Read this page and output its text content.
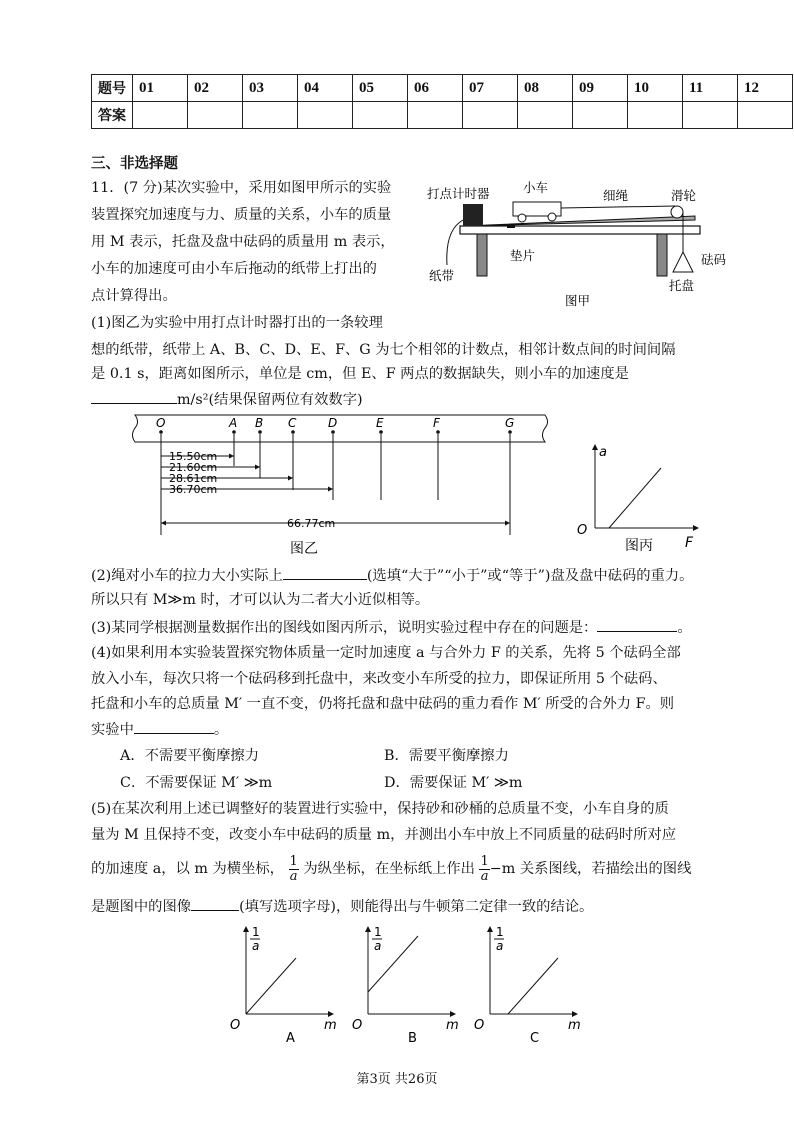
题号	01	02	03	04	05	06	07	08	09	10	11	12
答案												
三、非选择题
11．(7 分)某次实验中，采用如图甲所示的实验
装置探究加速度与力、质量的关系，小车的质量
用 M 表示，托盘及盘中砝码的质量用 m 表示，
小车的加速度可由小车后拖动的纸带上打出的
点计算得出。
打点计时器	小车
细绳	滑轮
垫片	砝码
纸带
托盘
图甲
(1)图乙为实验中用打点计时器打出的一条较理
想的纸带，纸带上 A、B、C、D、E、F、G 为七个相邻的计数点，相邻计数点间的时间间隔
是 0.1 s，距离如图所示，单位是 cm，但 E、F 两点的数据缺失，则小车的加速度是
m/s²(结果保留两位有效数字)
O	A B C	D	E	F	G
15.50cm
21.60cm
28.61cm
36.70cm
66.77cm
图乙
a
O
F
图丙
(2)绳对小车的拉力大小实际上	(选填“大于”“小于”或“等于”)盘及盘中砝码的重力。
所以只有 M≫m 时，才可以认为二者大小近似相等。
(3)某同学根据测量数据作出的图线如图丙所示，说明实验过程中存在的问题是：	。
(4)如果利用本实验装置探究物体质量一定时加速度 a 与合外力 F 的关系，先将 5 个砝码全部
放入小车，每次只将一个砝码移到托盘中，来改变小车所受的拉力，即保证所用 5 个砝码、
托盘和小车的总质量 M′ 一直不变，仍将托盘和盘中砝码的重力看作 M′ 所受的合外力 F。则
实验中	。
A．不需要平衡摩擦力	B．需要平衡摩擦力
C．不需要保证 M′ ≫m	D．需要保证 M′ ≫m
(5)在某次利用上述已调整好的装置进行实验中，保持砂和砂桶的总质量不变，小车自身的质
量为 M 且保持不变，改变小车中砝码的质量 m，并测出小车中放上不同质量的砝码时所对应
的加速度 a，以 m 为横坐标， $\frac{1}{a}$ 为纵坐标，在坐标纸上作出 $\frac{1}{a} -m$ 关系图线，若描绘出的图线
是题图中的图像	(填写选项字母)，则能得出与牛顿第二定律一致的结论。
1
a
O	m
A
1
a
O	m
B
1
a
O	m
C
第3页 共26页
